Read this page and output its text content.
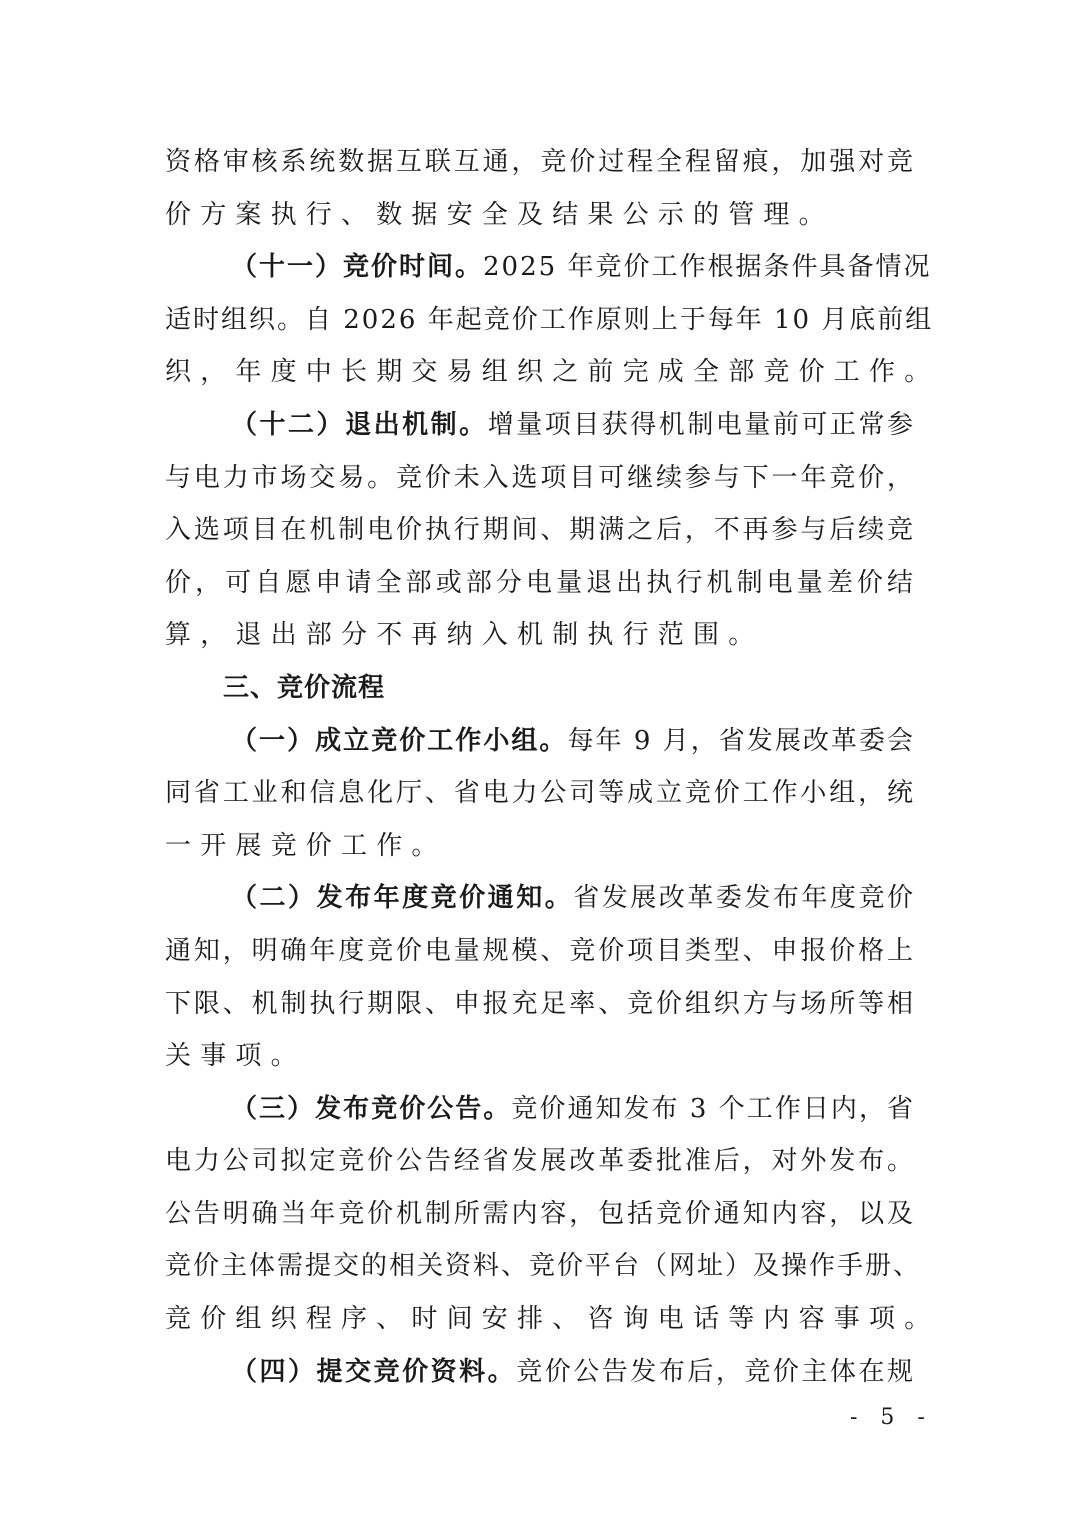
资格审核系统数据互联互通，竞价过程全程留痕，加强对竞
价方案执行、数据安全及结果公示的管理。
（十一）竞价时间。2025 年竞价工作根据条件具备情况
适时组织。自 2026 年起竞价工作原则上于每年 10 月底前组
织，年度中长期交易组织之前完成全部竞价工作。
（十二）退出机制。增量项目获得机制电量前可正常参
与电力市场交易。竞价未入选项目可继续参与下一年竞价，
入选项目在机制电价执行期间、期满之后，不再参与后续竞
价，可自愿申请全部或部分电量退出执行机制电量差价结
算，退出部分不再纳入机制执行范围。
三、竞价流程
（一）成立竞价工作小组。每年 9 月，省发展改革委会
同省工业和信息化厅、省电力公司等成立竞价工作小组，统
一开展竞价工作。
（二）发布年度竞价通知。省发展改革委发布年度竞价
通知，明确年度竞价电量规模、竞价项目类型、申报价格上
下限、机制执行期限、申报充足率、竞价组织方与场所等相
关事项。
（三）发布竞价公告。竞价通知发布 3 个工作日内，省
电力公司拟定竞价公告经省发展改革委批准后，对外发布。
公告明确当年竞价机制所需内容，包括竞价通知内容，以及
竞价主体需提交的相关资料、竞价平台（网址）及操作手册、
竞价组织程序、时间安排、咨询电话等内容事项。
（四）提交竞价资料。竞价公告发布后，竞价主体在规
- 5 -
